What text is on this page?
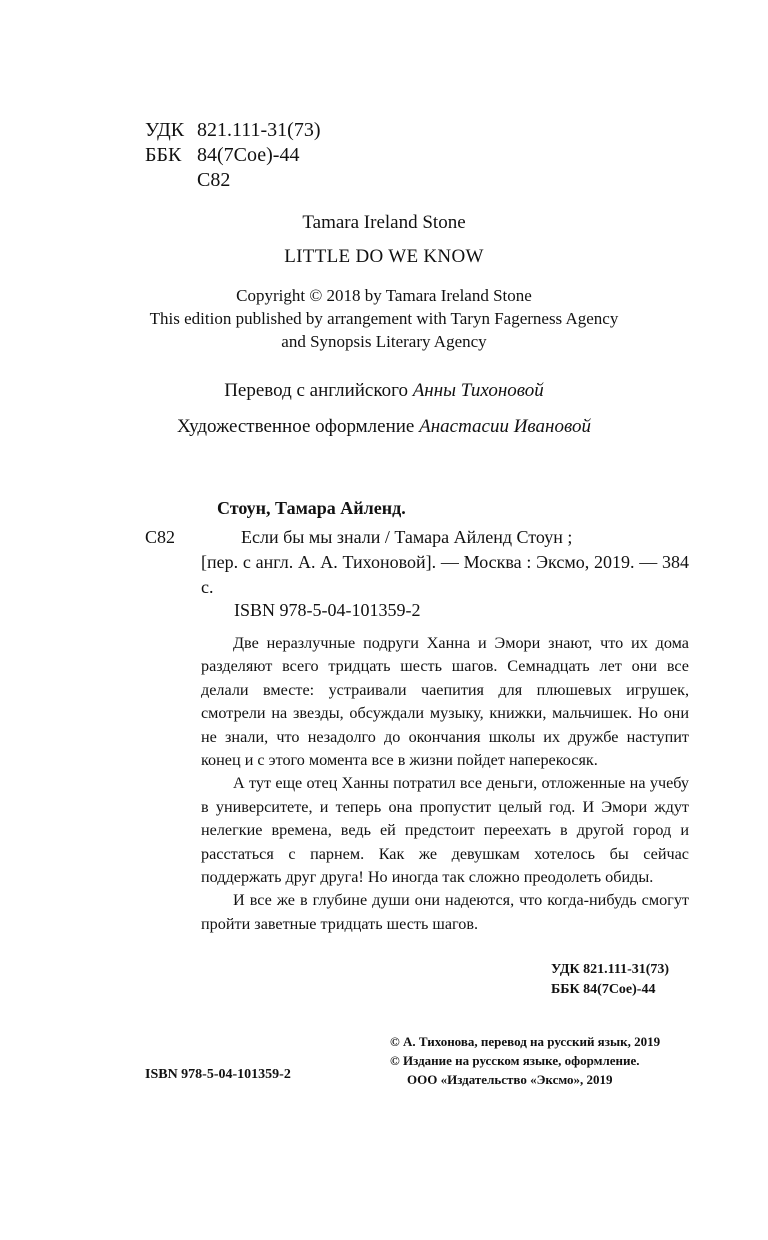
УДК 821.111-31(73)
ББК 84(7Сое)-44
С82
Tamara Ireland Stone
LITTLE DO WE KNOW
Copyright © 2018 by Tamara Ireland Stone
This edition published by arrangement with Taryn Fagerness Agency
and Synopsis Literary Agency
Перевод с английского Анны Тихоновой
Художественное оформление Анастасии Ивановой
Стоун, Тамара Айленд.
С82	Если бы мы знали / Тамара Айленд Стоун ;
[пер. с англ. А. А. Тихоновой]. — Москва : Эксмо, 2019. — 384 с.
ISBN 978-5-04-101359-2

Две неразлучные подруги Ханна и Эмори знают, что их дома разделяют всего тридцать шесть шагов. Семнадцать лет они все делали вместе: устраивали чаепития для плюшевых игрушек, смотрели на звезды, обсуждали музыку, книжки, мальчишек. Но они не знали, что незадолго до окончания школы их дружбе наступит конец и с этого момента все в жизни пойдет наперекосяк.

А тут еще отец Ханны потратил все деньги, отложенные на учебу в университете, и теперь она пропустит целый год. И Эмори ждут нелегкие времена, ведь ей предстоит переехать в другой город и расстаться с парнем. Как же девушкам хотелось бы сейчас поддержать друг друга! Но иногда так сложно преодолеть обиды.

И все же в глубине души они надеются, что когда-нибудь смогут пройти заветные тридцать шесть шагов.

УДК 821.111-31(73)
ББК 84(7Сое)-44
© А. Тихонова, перевод на русский язык, 2019
© Издание на русском языке, оформление.
ООО «Издательство «Эксмо», 2019
ISBN 978-5-04-101359-2
